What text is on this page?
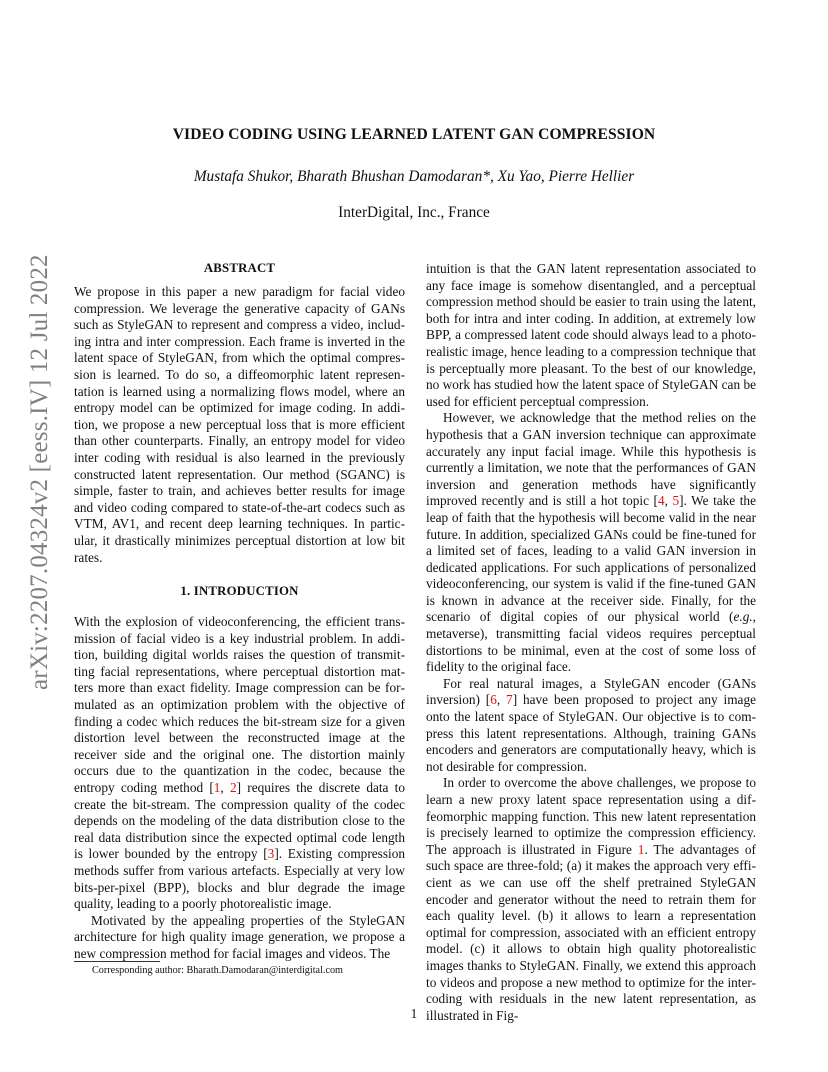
arXiv:2207.04324v2 [eess.IV] 12 Jul 2022
VIDEO CODING USING LEARNED LATENT GAN COMPRESSION
Mustafa Shukor, Bharath Bhushan Damodaran*, Xu Yao, Pierre Hellier
InterDigital, Inc., France
ABSTRACT

We propose in this paper a new paradigm for facial video compression. We leverage the generative capacity of GANs such as StyleGAN to represent and compress a video, including intra and inter compression. Each frame is inverted in the latent space of StyleGAN, from which the optimal compression is learned. To do so, a diffeomorphic latent representation is learned using a normalizing flows model, where an entropy model can be optimized for image coding. In addition, we propose a new perceptual loss that is more efficient than other counterparts. Finally, an entropy model for video inter coding with residual is also learned in the previously constructed latent representation. Our method (SGANC) is simple, faster to train, and achieves better results for image and video coding compared to state-of-the-art codecs such as VTM, AV1, and recent deep learning techniques. In particular, it drastically minimizes perceptual distortion at low bit rates.

1. INTRODUCTION

With the explosion of videoconferencing, the efficient transmission of facial video is a key industrial problem. In addition, building digital worlds raises the question of transmitting facial representations, where perceptual distortion matters more than exact fidelity. Image compression can be formulated as an optimization problem with the objective of finding a codec which reduces the bit-stream size for a given distortion level between the reconstructed image at the receiver side and the original one. The distortion mainly occurs due to the quantization in the codec, because the entropy coding method [1, 2] requires the discrete data to create the bit-stream. The compression quality of the codec depends on the modeling of the data distribution close to the real data distribution since the expected optimal code length is lower bounded by the entropy [3]. Existing compression methods suffer from various artefacts. Especially at very low bits-per-pixel (BPP), blocks and blur degrade the image quality, leading to a poorly photorealistic image.

Motivated by the appealing properties of the StyleGAN architecture for high quality image generation, we propose a new compression method for facial images and videos. The

intuition is that the GAN latent representation associated to any face image is somehow disentangled, and a perceptual compression method should be easier to train using the latent, both for intra and inter coding. In addition, at extremely low BPP, a compressed latent code should always lead to a photo-realistic image, hence leading to a compression technique that is perceptually more pleasant. To the best of our knowledge, no work has studied how the latent space of StyleGAN can be used for efficient perceptual compression.

However, we acknowledge that the method relies on the hypothesis that a GAN inversion technique can approximate accurately any input facial image. While this hypothesis is currently a limitation, we note that the performances of GAN inversion and generation methods have significantly improved recently and is still a hot topic [4, 5]. We take the leap of faith that the hypothesis will become valid in the near future. In addition, specialized GANs could be fine-tuned for a limited set of faces, leading to a valid GAN inversion in dedicated applications. For such applications of personalized videoconferencing, our system is valid if the fine-tuned GAN is known in advance at the receiver side. Finally, for the scenario of digital copies of our physical world (e.g., metaverse), transmitting facial videos requires perceptual distortions to be minimal, even at the cost of some loss of fidelity to the original face.

For real natural images, a StyleGAN encoder (GANs inversion) [6, 7] have been proposed to project any image onto the latent space of StyleGAN. Our objective is to compress this latent representations. Although, training GANs encoders and generators are computationally heavy, which is not desirable for compression.

In order to overcome the above challenges, we propose to learn a new proxy latent space representation using a diffeomorphic mapping function. This new latent representation is precisely learned to optimize the compression efficiency. The approach is illustrated in Figure 1. The advantages of such space are three-fold; (a) it makes the approach very efficient as we can use off the shelf pretrained StyleGAN encoder and generator without the need to retrain them for each quality level. (b) it allows to learn a representation optimal for compression, associated with an efficient entropy model. (c) it allows to obtain high quality photorealistic images thanks to StyleGAN. Finally, we extend this approach to videos and propose a new method to optimize for the inter-coding with residuals in the new latent representation, as illustrated in Fig-

Corresponding author: Bharath.Damodaran@interdigital.com
1
